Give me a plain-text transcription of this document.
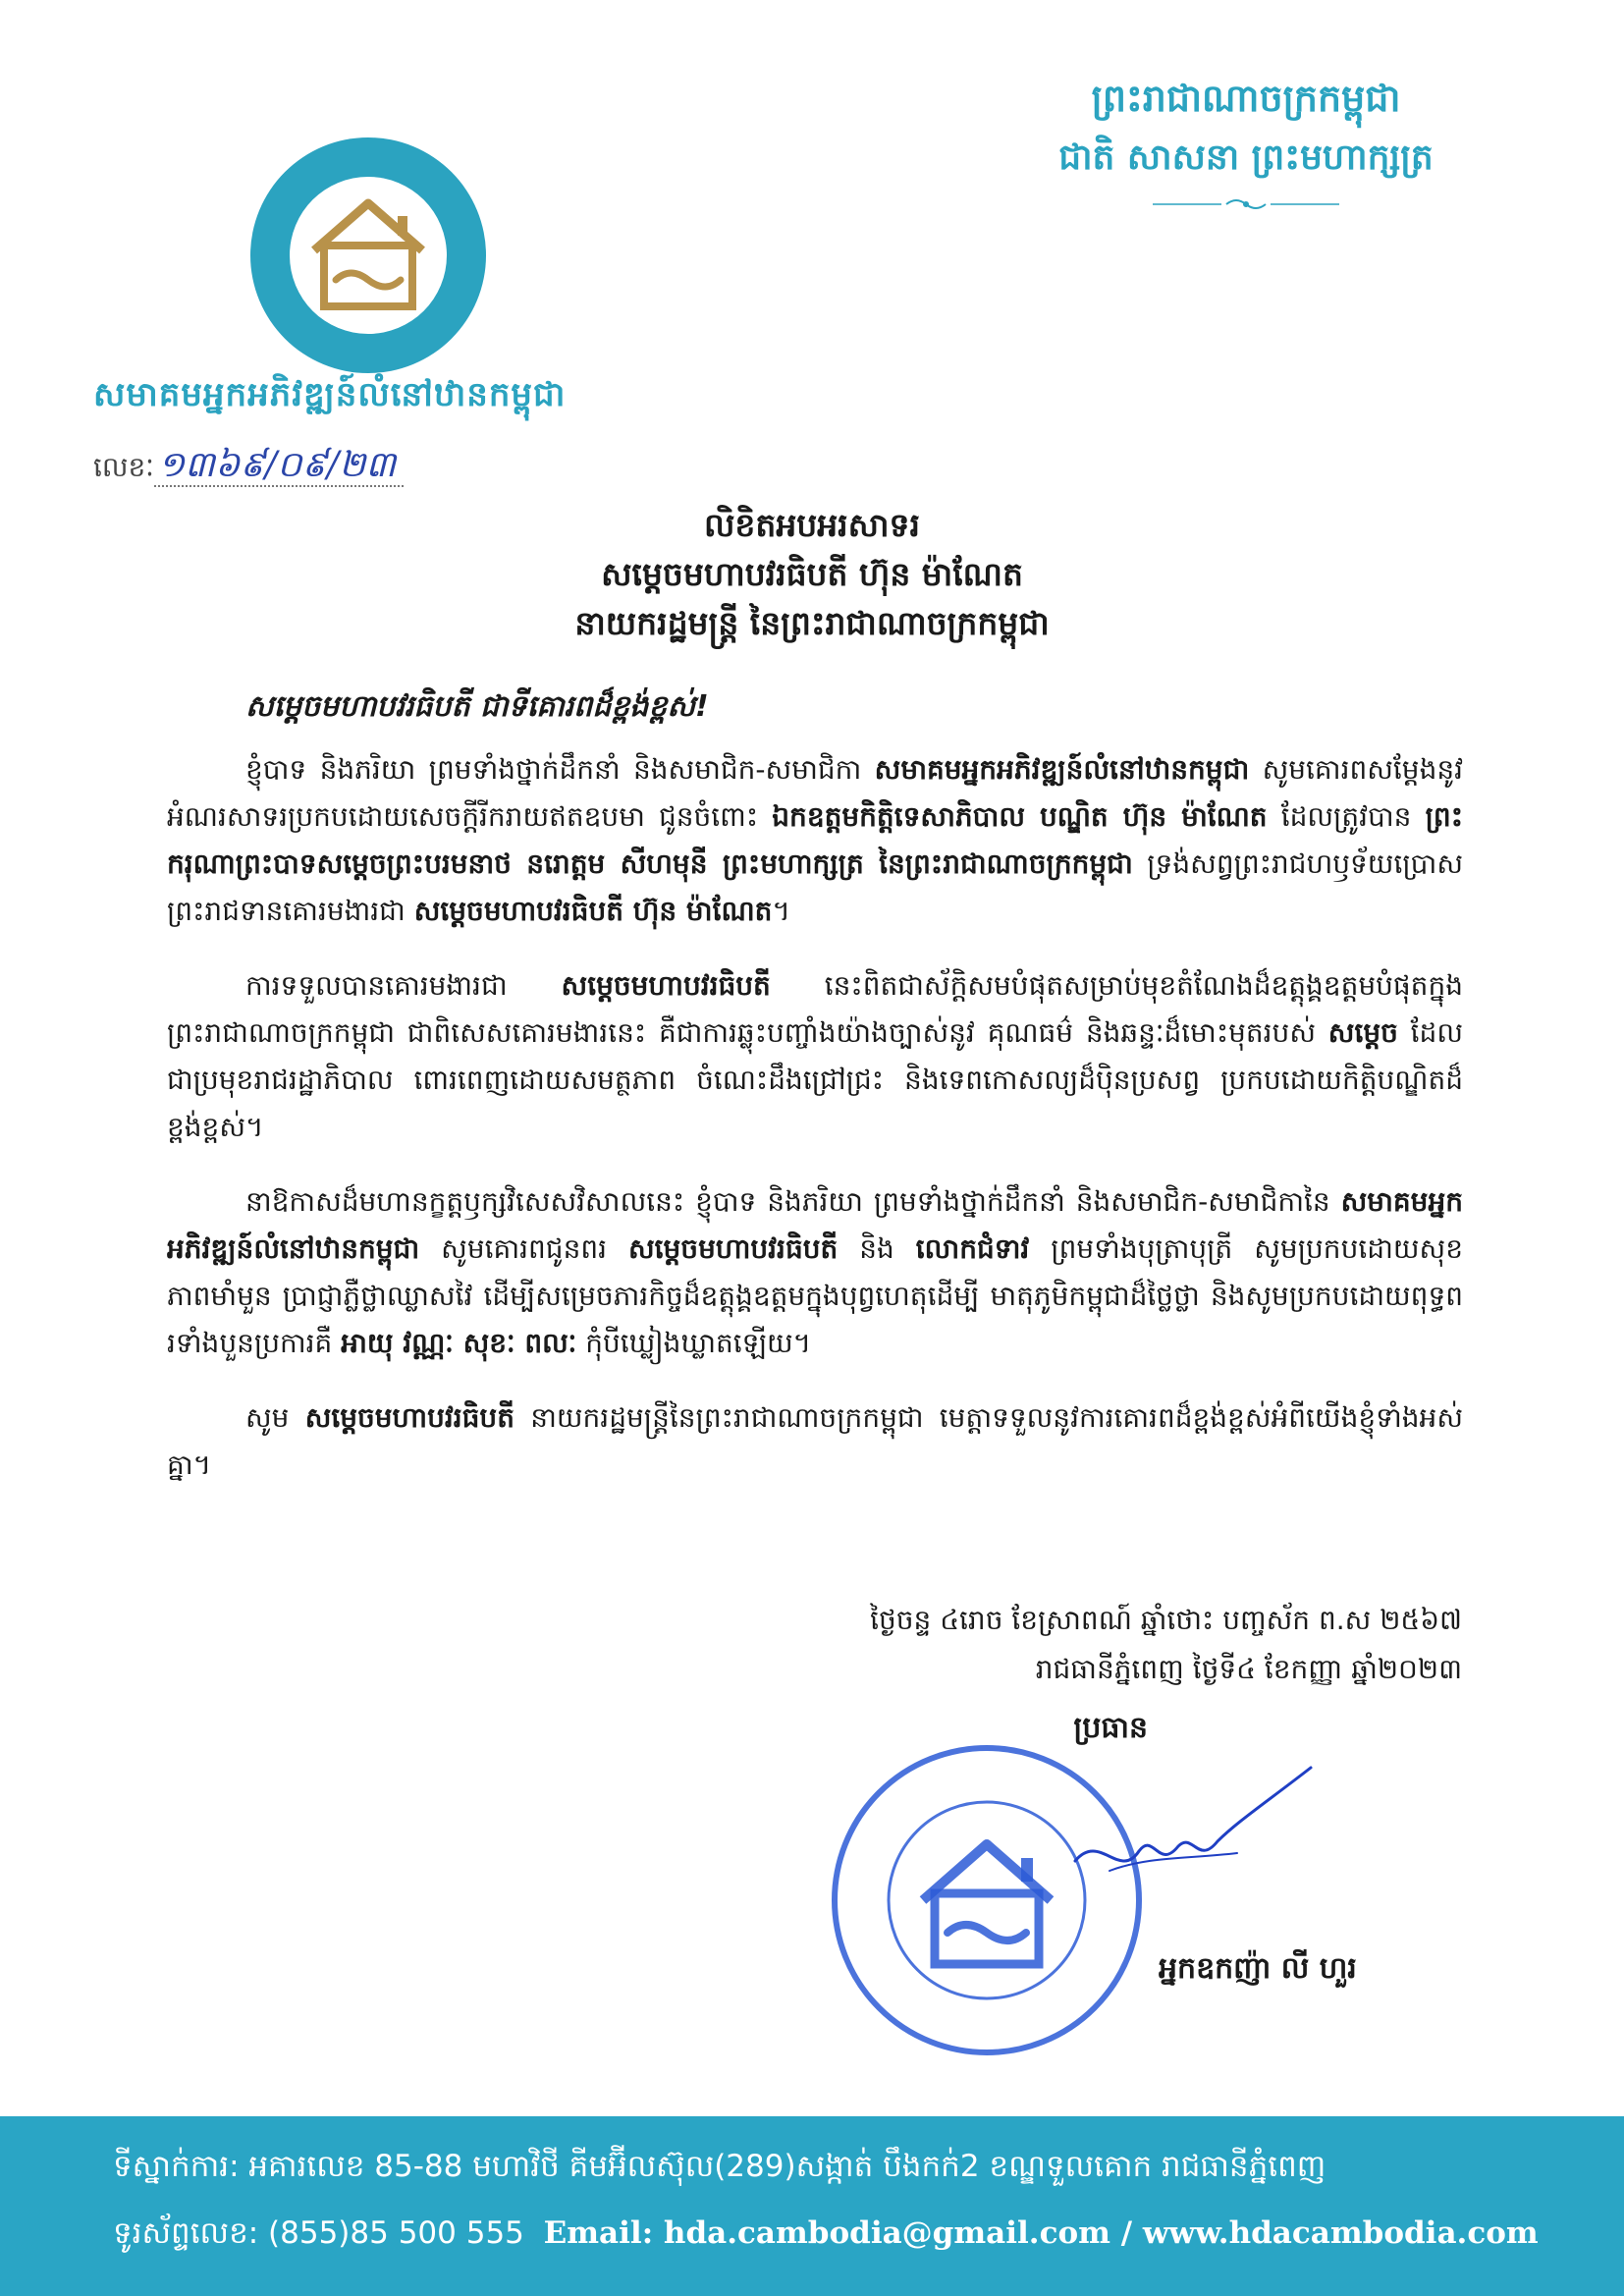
ព្រះរាជាណាចក្រកម្ពុជា
ជាតិ សាសនា ព្រះមហាក្សត្រ
សមាគមអ្នកអភិវឌ្ឍន៍លំនៅឋានកម្ពុជា
លេខៈ ១៣៦៩/០៩/២៣
លិខិតអបអរសាទរ
សម្តេចមហាបវរធិបតី ហ៊ុន ម៉ាណែត
នាយករដ្ឋមន្ត្រី នៃព្រះរាជាណាចក្រកម្ពុជា
សម្តេចមហាបវរធិបតី ជាទីគោរពដ៏ខ្ពង់ខ្ពស់!

ខ្ញុំបាទ និងភរិយា ព្រមទាំងថ្នាក់ដឹកនាំ និងសមាជិក-សមាជិកា សមាគមអ្នកអភិវឌ្ឍន៍លំនៅឋានកម្ពុជា សូមគោរពសម្តែងនូវអំណរសាទរប្រកបដោយសេចក្តីរីករាយឥតឧបមា ជូនចំពោះ ឯកឧត្តមកិត្តិទេសាភិបាល បណ្ឌិត ហ៊ុន ម៉ាណែត ដែលត្រូវបាន ព្រះករុណាព្រះបាទសម្តេចព្រះបរមនាថ នរោត្តម សីហមុនី ព្រះមហាក្សត្រ នៃព្រះរាជាណាចក្រកម្ពុជា ទ្រង់សព្វព្រះរាជហឫទ័យប្រោសព្រះរាជទានគោរមងារជា សម្តេចមហាបវរធិបតី ហ៊ុន ម៉ាណែត។

ការទទួលបានគោរមងារជា សម្តេចមហាបវរធិបតី នេះពិតជាស័ក្តិសមបំផុតសម្រាប់មុខតំណែងដ៏ឧត្តុង្គឧត្តមបំផុតក្នុងព្រះរាជាណាចក្រកម្ពុជា ជាពិសេសគោរមងារនេះ គឺជាការឆ្លុះបញ្ចាំងយ៉ាងច្បាស់នូវ គុណធម៌ និងឆន្ទៈដ៏មោះមុតរបស់ សម្តេច ដែលជាប្រមុខរាជរដ្ឋាភិបាល ពោរពេញដោយសមត្ថភាព ចំណេះដឹងជ្រៅជ្រះ និងទេពកោសល្យដ៏ប៉ិនប្រសព្វ ប្រកបដោយកិត្តិបណ្ឌិតដ៏ខ្ពង់ខ្ពស់។

នាឱកាសដ៏មហានក្ខត្តឫក្សវិសេសវិសាលនេះ ខ្ញុំបាទ និងភរិយា ព្រមទាំងថ្នាក់ដឹកនាំ និងសមាជិក-សមាជិកានៃ សមាគមអ្នកអភិវឌ្ឍន៍លំនៅឋានកម្ពុជា សូមគោរពជូនពរ សម្តេចមហាបវរធិបតី និង លោកជំទាវ ព្រមទាំងបុត្រាបុត្រី សូមប្រកបដោយសុខភាពមាំមួន ប្រាជ្ញាភ្លឺថ្លាឈ្លាសវៃ ដើម្បីសម្រេចភារកិច្ចដ៏ឧត្តុង្គឧត្តមក្នុងបុព្វហេតុដើម្បី មាតុភូមិកម្ពុជាដ៏ថ្លៃថ្លា និងសូមប្រកបដោយពុទ្ធពរទាំងបួនប្រការគឺ អាយុ វណ្ណៈ សុខៈ ពលៈ កុំបីឃ្លៀងឃ្លាតឡើយ។

សូម សម្តេចមហាបវរធិបតី នាយករដ្ឋមន្ត្រីនៃព្រះរាជាណាចក្រកម្ពុជា មេត្តាទទួលនូវការគោរពដ៏ខ្ពង់ខ្ពស់អំពីយើងខ្ញុំទាំងអស់គ្នា។

ថ្ងៃចន្ទ ៤រោច ខែស្រាពណ៍ ឆ្នាំថោះ បញ្ចស័ក ព.ស ២៥៦៧
រាជធានីភ្នំពេញ ថ្ងៃទី៤ ខែកញ្ញា ឆ្នាំ២០២៣
ប្រធាន
អ្នកឧកញ៉ា លី ហួរ
ទីស្នាក់ការ: អគារលេខ 85-88 មហាវិថី គីមអ៊ីលស៊ុល(289)សង្កាត់ បឹងកក់2 ខណ្ឌទួលគោក រាជធានីភ្នំពេញ
ទូរស័ព្ទលេខ: (855)85 500 555 Email: hda.cambodia@gmail.com / www.hdacambodia.com
